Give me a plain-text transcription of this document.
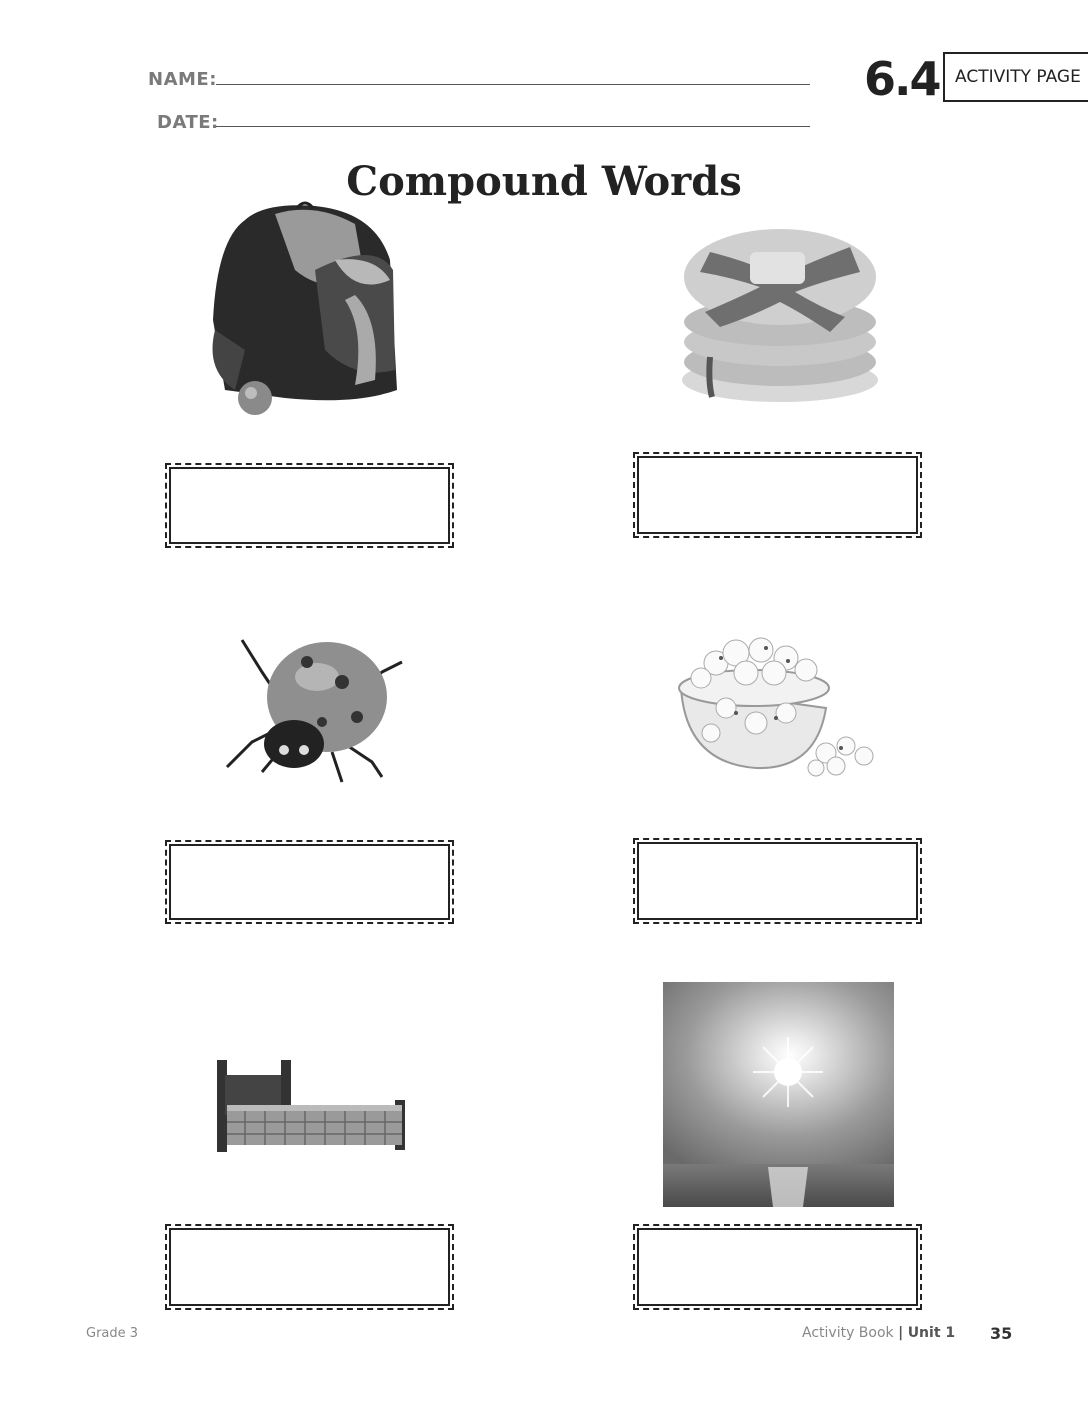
NAME:
DATE:
6.4 ACTIVITY PAGE
Compound Words
Grade 3	Activity Book | Unit 1 35
